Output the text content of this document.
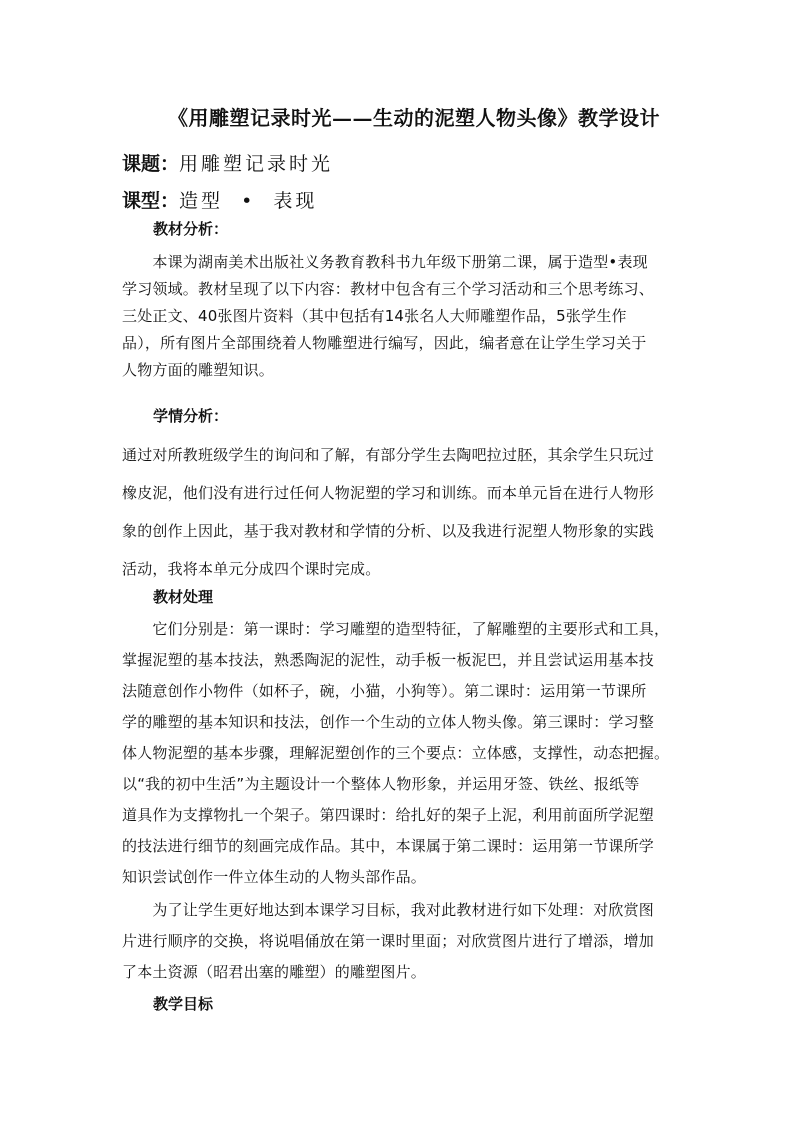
《用雕塑记录时光——生动的泥塑人物头像》教学设计
课题：用雕塑记录时光
课型：造型  •  表现
教材分析：
　　本课为湖南美术出版社义务教育教科书九年级下册第二课，属于造型•表现
学习领域。教材呈现了以下内容：教材中包含有三个学习活动和三个思考练习、
三处正文、40张图片资料（其中包括有14张名人大师雕塑作品，5张学生作
品），所有图片全部围绕着人物雕塑进行编写，因此，编者意在让学生学习关于
人物方面的雕塑知识。
学情分析：
通过对所教班级学生的询问和了解，有部分学生去陶吧拉过胚，其余学生只玩过
橡皮泥，他们没有进行过任何人物泥塑的学习和训练。而本单元旨在进行人物形
象的创作上因此，基于我对教材和学情的分析、以及我进行泥塑人物形象的实践
活动，我将本单元分成四个课时完成。
教材处理
　　它们分别是：第一课时：学习雕塑的造型特征，了解雕塑的主要形式和工具，
掌握泥塑的基本技法，熟悉陶泥的泥性，动手板一板泥巴，并且尝试运用基本技
法随意创作小物件（如杯子，碗，小猫，小狗等）。第二课时：运用第一节课所
学的雕塑的基本知识和技法，创作一个生动的立体人物头像。第三课时：学习整
体人物泥塑的基本步骤，理解泥塑创作的三个要点：立体感，支撑性，动态把握。
以“我的初中生活”为主题设计一个整体人物形象，并运用牙签、铁丝、报纸等
道具作为支撑物扎一个架子。第四课时：给扎好的架子上泥，利用前面所学泥塑
的技法进行细节的刻画完成作品。其中，本课属于第二课时：运用第一节课所学
知识尝试创作一件立体生动的人物头部作品。
　　为了让学生更好地达到本课学习目标，我对此教材进行如下处理：对欣赏图
片进行顺序的交换，将说唱俑放在第一课时里面；对欣赏图片进行了增添，增加
了本土资源（昭君出塞的雕塑）的雕塑图片。
教学目标
